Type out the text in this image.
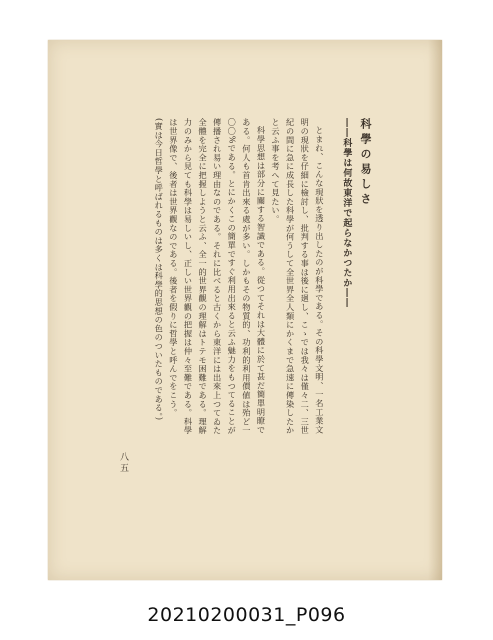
科學の易しさ
――科學は何故東洋で起らなかつたか――

とまれ、こんな現狀を透り出したのが科學である。その科學文明、一名工業文明の現狀を仔細に檢討し、批判する事は後に廻し、こゝでは我々は僅々二、三世紀の間に急に成長した科學が何うして全世界全人類にかくまで急速に傳染したかと云ふ事を考へて見たい。

科學思想は部分に關する智識である。從つてそれは大體に於て甚だ簡單明瞭である。何人も首肯出來る處が多い。しかもその物質的、功利的利用價値は殆ど一〇〇%である。とにかくこの簡單ですぐ利用出來ると云ふ魅力をもつてることが傳播され易い理由なのである。それに比べると古くから東洋には出來上つてゐた全體を完全に把握しようと云ふ、全一的世界觀の理解はトテモ困難である。理解力のみから見ても科學は易しいし、正しい世界觀の把握は仲々至難である。科學は世界像で、後者は世界觀なのである。後者を假りに哲學と呼んでをこう。

(實は今日哲學と呼ばれるものは多くは科學的思想の色のついたものである。)

八五
20210200031_P096
